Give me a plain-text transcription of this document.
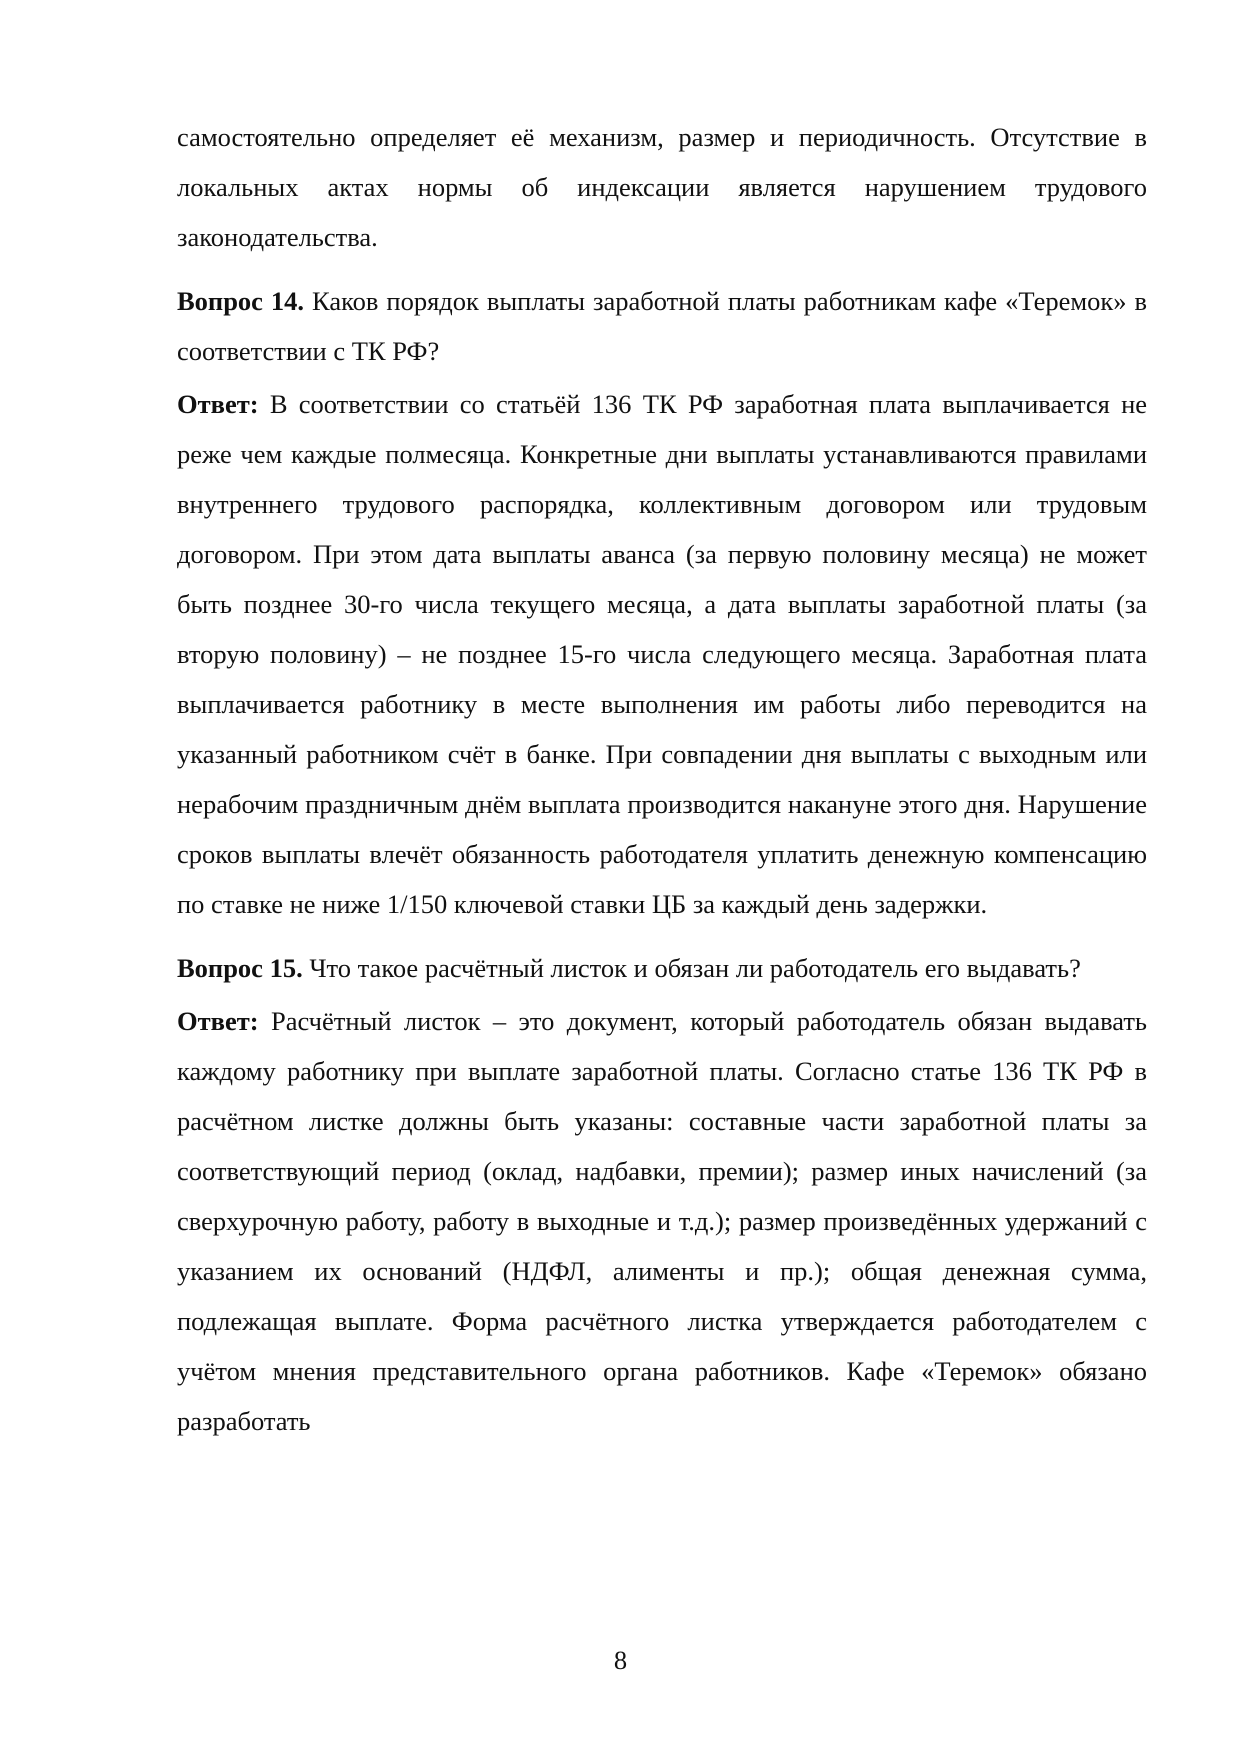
самостоятельно определяет её механизм, размер и периодичность. Отсутствие в локальных актах нормы об индексации является нарушением трудового законодательства.

Вопрос 14. Каков порядок выплаты заработной платы работникам кафе «Теремок» в соответствии с ТК РФ?

Ответ: В соответствии со статьёй 136 ТК РФ заработная плата выплачивается не реже чем каждые полмесяца. Конкретные дни выплаты устанавливаются правилами внутреннего трудового распорядка, коллективным договором или трудовым договором. При этом дата выплаты аванса (за первую половину месяца) не может быть позднее 30-го числа текущего месяца, а дата выплаты заработной платы (за вторую половину) – не позднее 15-го числа следующего месяца. Заработная плата выплачивается работнику в месте выполнения им работы либо переводится на указанный работником счёт в банке. При совпадении дня выплаты с выходным или нерабочим праздничным днём выплата производится накануне этого дня. Нарушение сроков выплаты влечёт обязанность работодателя уплатить денежную компенсацию по ставке не ниже 1/150 ключевой ставки ЦБ за каждый день задержки.

Вопрос 15. Что такое расчётный листок и обязан ли работодатель его выдавать?

Ответ: Расчётный листок – это документ, который работодатель обязан выдавать каждому работнику при выплате заработной платы. Согласно статье 136 ТК РФ в расчётном листке должны быть указаны: составные части заработной платы за соответствующий период (оклад, надбавки, премии); размер иных начислений (за сверхурочную работу, работу в выходные и т.д.); размер произведённых удержаний с указанием их оснований (НДФЛ, алименты и пр.); общая денежная сумма, подлежащая выплате. Форма расчётного листка утверждается работодателем с учётом мнения представительного органа работников. Кафе «Теремок» обязано разработать

8
